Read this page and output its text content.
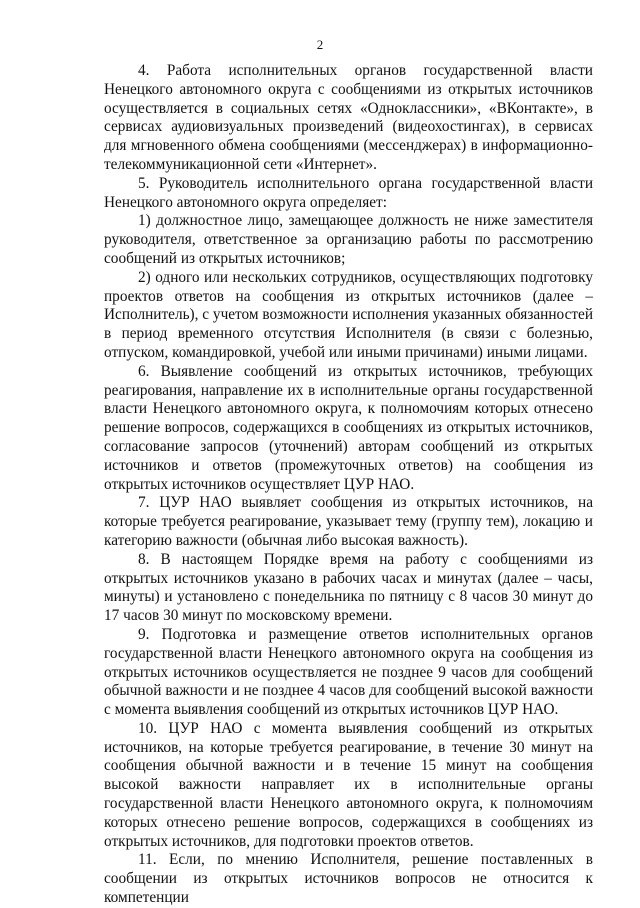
2

4. Работа исполнительных органов государственной власти Ненецкого автономного округа с сообщениями из открытых источников осуществляется в социальных сетях «Одноклассники», «ВКонтакте», в сервисах аудиовизуальных произведений (видеохостингах), в сервисах для мгновенного обмена сообщениями (мессенджерах) в информационно-телекоммуникационной сети «Интернет».

5. Руководитель исполнительного органа государственной власти Ненецкого автономного округа определяет:

1) должностное лицо, замещающее должность не ниже заместителя руководителя, ответственное за организацию работы по рассмотрению сообщений из открытых источников;

2) одного или нескольких сотрудников, осуществляющих подготовку проектов ответов на сообщения из открытых источников (далее – Исполнитель), с учетом возможности исполнения указанных обязанностей в период временного отсутствия Исполнителя (в связи с болезнью, отпуском, командировкой, учебой или иными причинами) иными лицами.

6. Выявление сообщений из открытых источников, требующих реагирования, направление их в исполнительные органы государственной власти Ненецкого автономного округа, к полномочиям которых отнесено решение вопросов, содержащихся в сообщениях из открытых источников, согласование запросов (уточнений) авторам сообщений из открытых источников и ответов (промежуточных ответов) на сообщения из открытых источников осуществляет ЦУР НАО.

7. ЦУР НАО выявляет сообщения из открытых источников, на которые требуется реагирование, указывает тему (группу тем), локацию и категорию важности (обычная либо высокая важность).

8. В настоящем Порядке время на работу с сообщениями из открытых источников указано в рабочих часах и минутах (далее – часы, минуты) и установлено с понедельника по пятницу с 8 часов 30 минут до 17 часов 30 минут по московскому времени.

9. Подготовка и размещение ответов исполнительных органов государственной власти Ненецкого автономного округа на сообщения из открытых источников осуществляется не позднее 9 часов для сообщений обычной важности и не позднее 4 часов для сообщений высокой важности с момента выявления сообщений из открытых источников ЦУР НАО.

10. ЦУР НАО с момента выявления сообщений из открытых источников, на которые требуется реагирование, в течение 30 минут на сообщения обычной важности и в течение 15 минут на сообщения высокой важности направляет их в исполнительные органы государственной власти Ненецкого автономного округа, к полномочиям которых отнесено решение вопросов, содержащихся в сообщениях из открытых источников, для подготовки проектов ответов.

11. Если, по мнению Исполнителя, решение поставленных в сообщении из открытых источников вопросов не относится к компетенции
